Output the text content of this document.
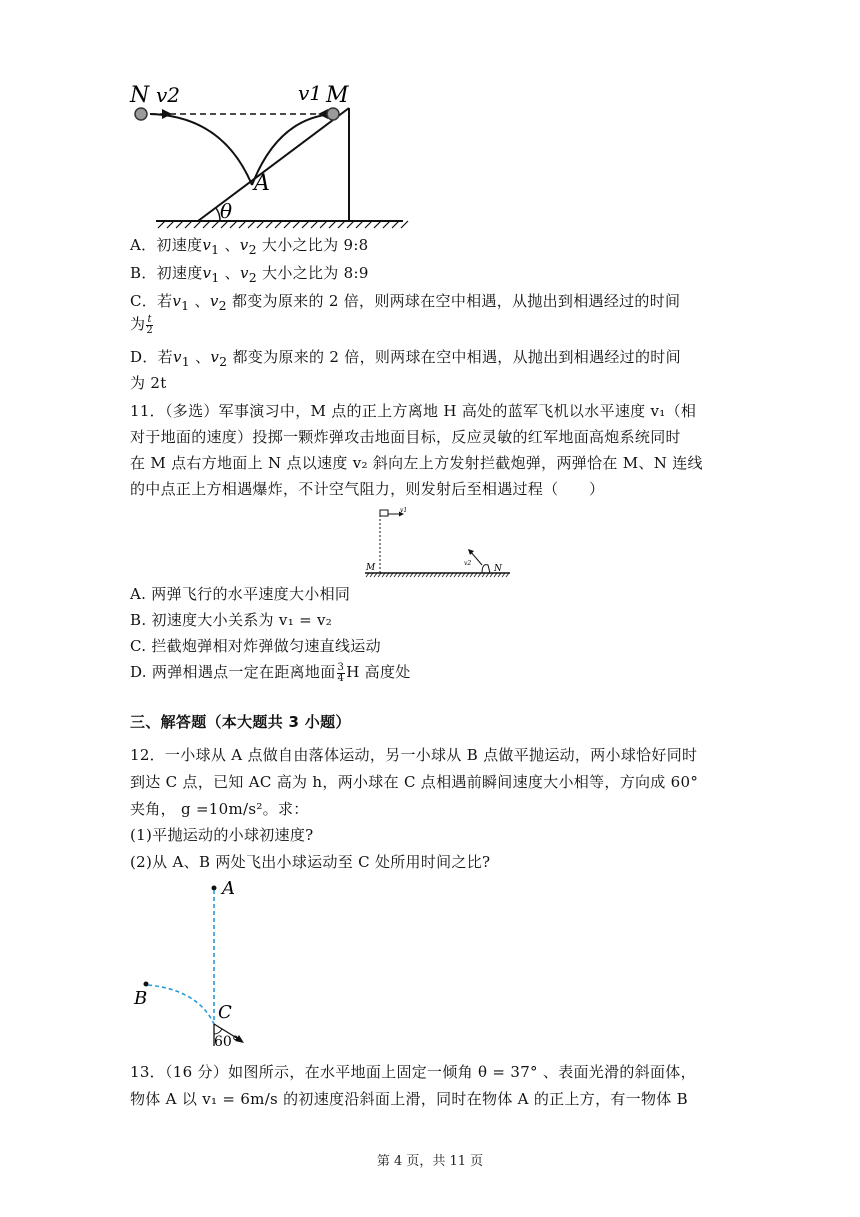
N v2	v1 M
A
θ
A．初速度$v_1$ 、$v_2$ 大小之比为 9:8
B．初速度$v_1$ 、$v_2$ 大小之比为 8:9
C．若$v_1$ 、$v_2$ 都变为原来的 2 倍，则两球在空中相遇，从抛出到相遇经过的时间
为 $\frac{t}{2}$
D．若$v_1$ 、$v_2$ 都变为原来的 2 倍，则两球在空中相遇，从抛出到相遇经过的时间
为 2t
11．（多选）军事演习中，M 点的正上方离地 H 高处的蓝军飞机以水平速度 v₁（相
对于地面的速度）投掷一颗炸弹攻击地面目标，反应灵敏的红军地面高炮系统同时
在 M 点右方地面上 N 点以速度 v₂ 斜向左上方发射拦截炮弹，两弹恰在 M、N 连线
的中点正上方相遇爆炸，不计空气阻力，则发射后至相遇过程（　　）
v1
M	v2
N
A. 两弹飞行的水平速度大小相同
B. 初速度大小关系为 v₁ = v₂
C. 拦截炮弹相对炸弹做匀速直线运动
D. 两弹相遇点一定在距离地面 $\frac{3}{4}$ H 高度处
三、解答题（本大题共 3 小题）
12．一小球从 A 点做自由落体运动，另一小球从 B 点做平抛运动，两小球恰好同时
到达 C 点，已知 AC 高为 h，两小球在 C 点相遇前瞬间速度大小相等，方向成 60°
夹角， g =10m/s²。求：
(1)平抛运动的小球初速度?
(2)从 A、B 两处飞出小球运动至 C 处所用时间之比?
A
B
C
60°
13．（16 分）如图所示，在水平地面上固定一倾角 θ = 37° 、表面光滑的斜面体，
物体 A 以 v₁ = 6m/s 的初速度沿斜面上滑，同时在物体 A 的正上方，有一物体 B
第 4 页，共 11 页
